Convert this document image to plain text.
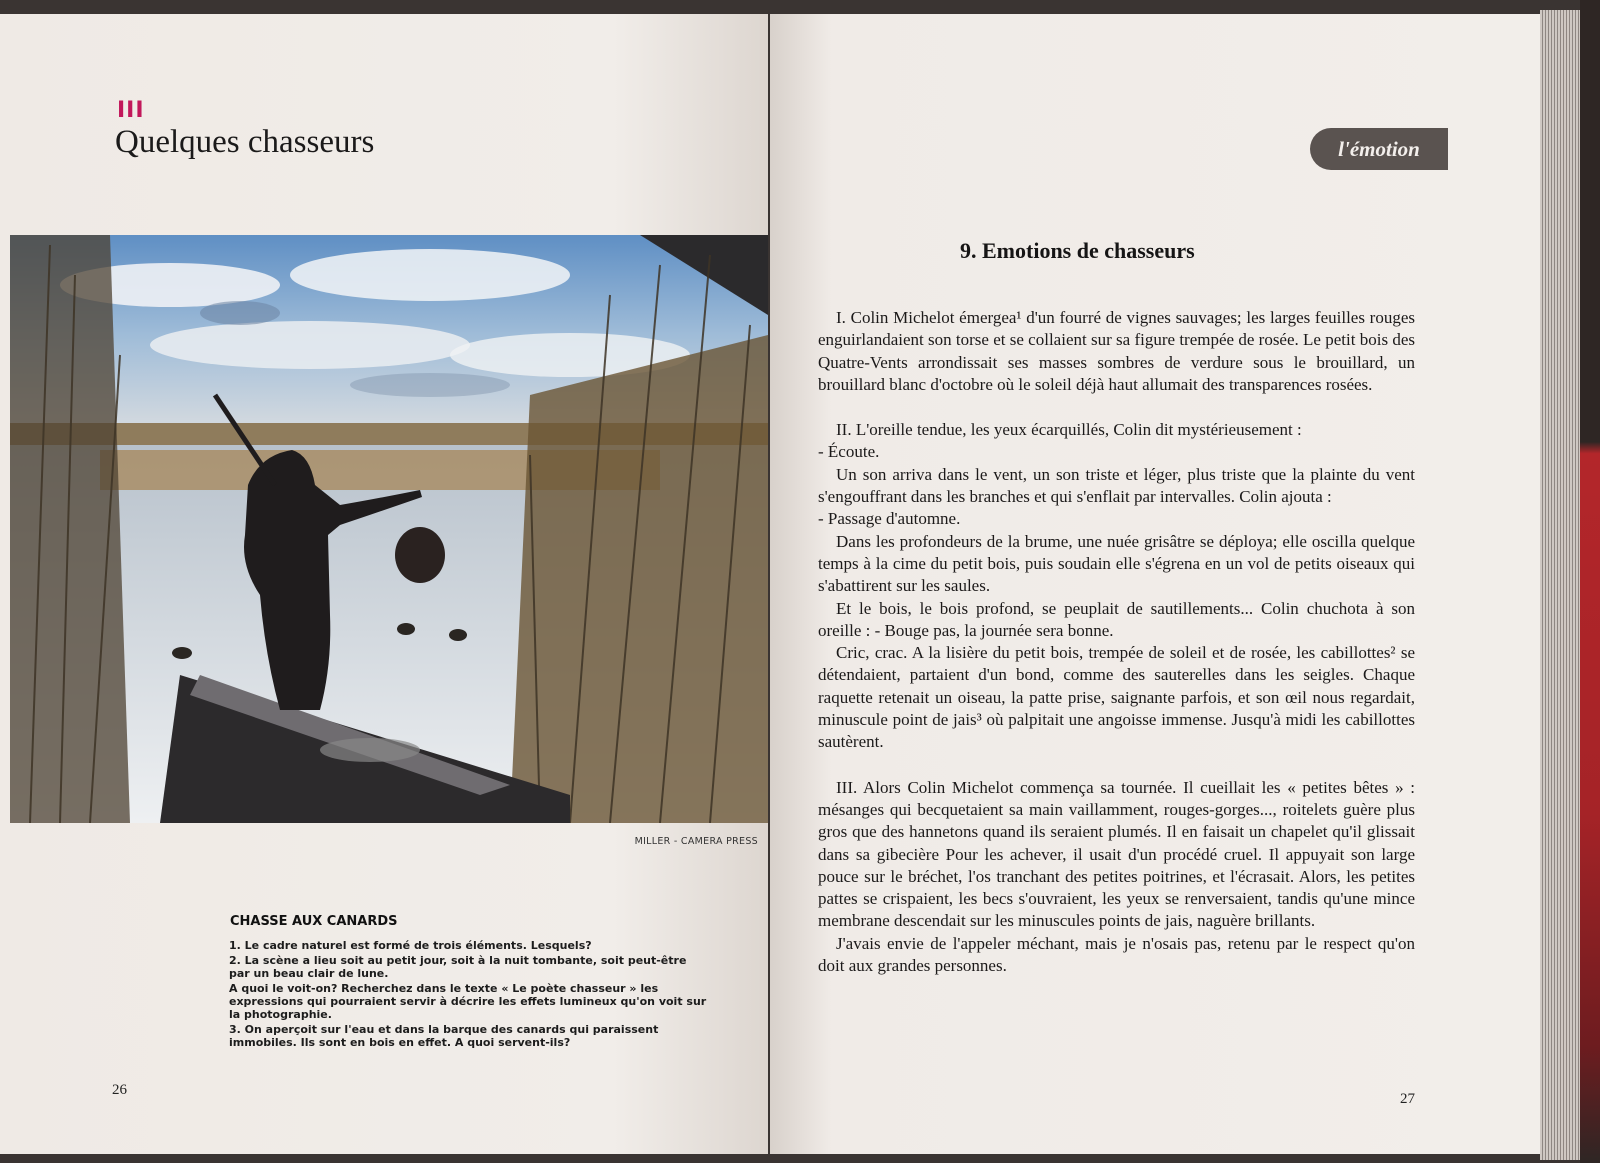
III
Quelques chasseurs
MILLER - CAMERA PRESS
CHASSE AUX CANARDS

1. Le cadre naturel est formé de trois éléments. Lesquels?

2. La scène a lieu soit au petit jour, soit à la nuit tombante, soit peut-être par un beau clair de lune.

A quoi le voit-on? Recherchez dans le texte « Le poète chasseur » les expressions qui pourraient servir à décrire les effets lumineux qu'on voit sur la photographie.

3. On aperçoit sur l'eau et dans la barque des canards qui paraissent immobiles. Ils sont en bois en effet. A quoi servent-ils?

26
l'émotion
9. Emotions de chasseurs

I. Colin Michelot émergea¹ d'un fourré de vignes sauvages; les larges feuilles rouges enguirlandaient son torse et se collaient sur sa figure trempée de rosée. Le petit bois des Quatre-Vents arrondissait ses masses sombres de verdure sous le brouillard, un brouillard blanc d'octobre où le soleil déjà haut allumait des transparences rosées.

II. L'oreille tendue, les yeux écarquillés, Colin dit mystérieusement :

- Écoute.

Un son arriva dans le vent, un son triste et léger, plus triste que la plainte du vent s'engouffrant dans les branches et qui s'enflait par intervalles. Colin ajouta :

- Passage d'automne.

Dans les profondeurs de la brume, une nuée grisâtre se déploya; elle oscilla quelque temps à la cime du petit bois, puis soudain elle s'égrena en un vol de petits oiseaux qui s'abattirent sur les saules.

Et le bois, le bois profond, se peuplait de sautillements... Colin chuchota à son oreille : - Bouge pas, la journée sera bonne.

Cric, crac. A la lisière du petit bois, trempée de soleil et de rosée, les cabillottes² se détendaient, partaient d'un bond, comme des sauterelles dans les seigles. Chaque raquette retenait un oiseau, la patte prise, saignante parfois, et son œil nous regardait, minuscule point de jais³ où palpitait une angoisse immense. Jusqu'à midi les cabillottes sautèrent.

III. Alors Colin Michelot commença sa tournée. Il cueillait les « petites bêtes » : mésanges qui becquetaient sa main vaillamment, rouges-gorges..., roitelets guère plus gros que des hannetons quand ils seraient plumés. Il en faisait un chapelet qu'il glissait dans sa gibecière Pour les achever, il usait d'un procédé cruel. Il appuyait son large pouce sur le bréchet, l'os tranchant des petites poitrines, et l'écrasait. Alors, les petites pattes se crispaient, les becs s'ouvraient, les yeux se renversaient, tandis qu'une mince membrane descendait sur les minuscules points de jais, naguère brillants.

J'avais envie de l'appeler méchant, mais je n'osais pas, retenu par le respect qu'on doit aux grandes personnes.

27
